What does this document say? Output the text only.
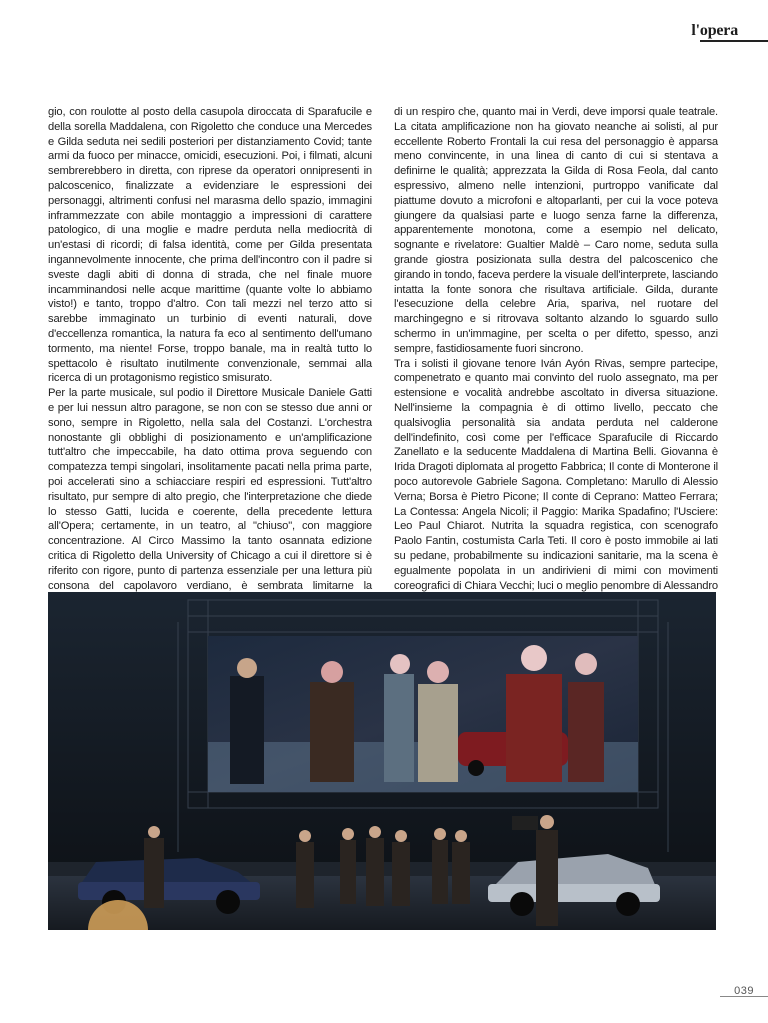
l'opera

gio, con roulotte al posto della casupola diroccata di Sparafucile e della sorella Maddalena, con Rigoletto che conduce una Mercedes e Gilda seduta nei sedili posteriori per distanziamento Covid; tante armi da fuoco per minacce, omicidi, esecuzioni. Poi, i filmati, alcuni sembrerebbero in diretta, con riprese da operatori onnipresenti in palcoscenico, finalizzate a evidenziare le espressioni dei personaggi, altrimenti confusi nel marasma dello spazio, immagini inframmezzate con abile montaggio a impressioni di carattere patologico, di una moglie e madre perduta nella mediocrità di un'estasi di ricordi; di falsa identità, come per Gilda presentata ingannevolmente innocente, che prima dell'incontro con il padre si sveste dagli abiti di donna di strada, che nel finale muore incamminandosi nelle acque marittime (quante volte lo abbiamo visto!) e tanto, troppo d'altro. Con tali mezzi nel terzo atto si sarebbe immaginato un turbinio di eventi naturali, dove d'eccellenza romantica, la natura fa eco al sentimento dell'umano tormento, ma niente! Forse, troppo banale, ma in realtà tutto lo spettacolo è risultato inutilmente convenzionale, semmai alla ricerca di un protagonismo registico smisurato.

Per la parte musicale, sul podio il Direttore Musicale Daniele Gatti e per lui nessun altro paragone, se non con se stesso due anni or sono, sempre in Rigoletto, nella sala del Costanzi. L'orchestra nonostante gli obblighi di posizionamento e un'amplificazione tutt'altro che impeccabile, ha dato ottima prova seguendo con compatezza tempi singolari, insolitamente pacati nella prima parte, poi accelerati sino a schiacciare respiri ed espressioni. Tutt'altro risultato, pur sempre di alto pregio, che l'interpretazione che diede lo stesso Gatti, lucida e coerente, della precedente lettura all'Opera; certamente, in un teatro, al "chiuso", con maggiore concentrazione. Al Circo Massimo la tanto osannata edizione critica di Rigoletto della University of Chicago a cui il direttore si è riferito con rigore, punto di partenza essenziale per una lettura più consona del capolavoro verdiano, è sembrata limitarne la

di un respiro che, quanto mai in Verdi, deve imporsi quale teatrale. La citata amplificazione non ha giovato neanche ai solisti, al pur eccellente Roberto Frontali la cui resa del personaggio è apparsa meno convincente, in una linea di canto di cui si stentava a definirne le qualità; apprezzata la Gilda di Rosa Feola, dal canto espressivo, almeno nelle intenzioni, purtroppo vanificate dal piattume dovuto a microfoni e altoparlanti, per cui la voce poteva giungere da qualsiasi parte e luogo senza farne la differenza, apparentemente monotona, come a esempio nel delicato, sognante e rivelatore: Gualtier Maldè – Caro nome, seduta sulla grande giostra posizionata sulla destra del palcoscenico che girando in tondo, faceva perdere la visuale dell'interprete, lasciando intatta la fonte sonora che risultava artificiale. Gilda, durante l'esecuzione della celebre Aria, spariva, nel ruotare del marchingegno e si ritrovava soltanto alzando lo sguardo sullo schermo in un'immagine, per scelta o per difetto, spesso, anzi sempre, fastidiosamente fuori sincrono.

Tra i solisti il giovane tenore Iván Ayón Rivas, sempre partecipe, compenetrato e quanto mai convinto del ruolo assegnato, ma per estensione e vocalità andrebbe ascoltato in diversa situazione. Nell'insieme la compagnia è di ottimo livello, peccato che qualsivoglia personalità sia andata perduta nel calderone dell'indefinito, così come per l'efficace Sparafucile di Riccardo Zanellato e la seducente Maddalena di Martina Belli. Giovanna è Irida Dragoti diplomata al progetto Fabbrica; Il conte di Monterone il poco autorevole Gabriele Sagona. Completano: Marullo di Alessio Verna; Borsa è Pietro Picone; Il conte di Ceprano: Matteo Ferrara; La Contessa: Angela Nicoli; il Paggio: Marika Spadafino; l'Usciere: Leo Paul Chiarot. Nutrita la squadra registica, con scenografo Paolo Fantin, costumista Carla Teti. Il coro è posto immobile ai lati su pedane, probabilmente su indicazioni sanitarie, ma la scena è egualmente popolata in un andirivieni di mimi con movimenti coreografici di Chiara Vecchi; luci o meglio penombre di Alessandro

039
